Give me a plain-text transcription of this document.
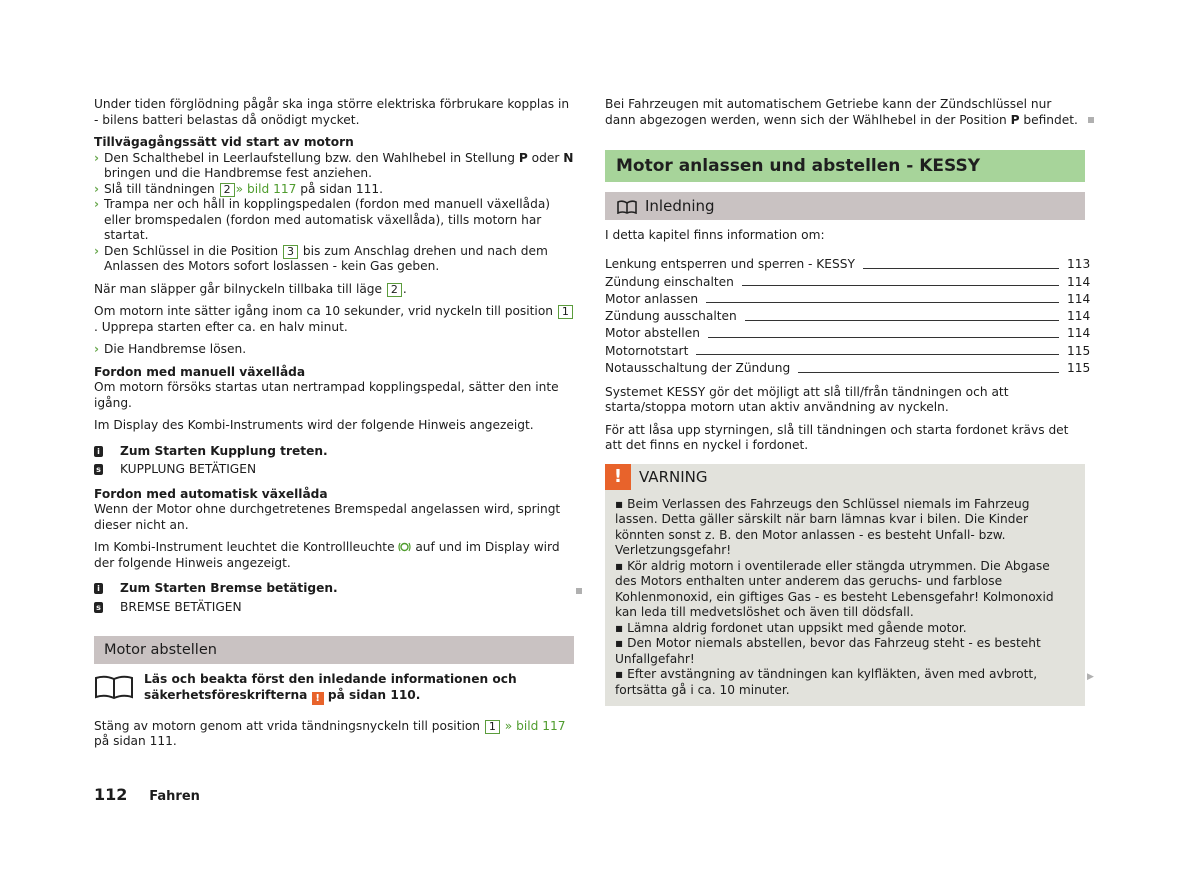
Under tiden förglödning pågår ska inga större elektriska förbrukare kopplas in - bilens batteri belastas då onödigt mycket.

Tillvägagångssätt vid start av motorn
› Den Schalthebel in Leerlaufstellung bzw. den Wahlhebel in Stellung P oder N bringen und die Handbremse fest anziehen.
› Slå till tändningen 2 » bild 117 på sidan 111.
› Trampa ner och håll in kopplingspedalen (fordon med manuell växellåda) eller bromspedalen (fordon med automatisk växellåda), tills motorn har startat.
› Den Schlüssel in die Position 3 bis zum Anschlag drehen und nach dem Anlassen des Motors sofort loslassen - kein Gas geben.

När man släpper går bilnyckeln tillbaka till läge 2 .

Om motorn inte sätter igång inom ca 10 sekunder, vrid nyckeln till position 1. Upprepa starten efter ca. en halv minut.

› Die Handbremse lösen.
Fordon med manuell växellåda

Om motorn försöks startas utan nertrampad kopplingspedal, sätter den inte igång.

Im Display des Kombi-Instruments wird der folgende Hinweis angezeigt.

i Zum Starten Kupplung treten.
s KUPPLUNG BETÄTIGEN
Fordon med automatisk växellåda

Wenn der Motor ohne durchgetretenes Bremspedal angelassen wird, springt dieser nicht an.

Im Kombi-Instrument leuchtet die Kontrollleuchte  auf und im Display wird der folgende Hinweis angezeigt.

i Zum Starten Bremse betätigen.
s BREMSE BETÄTIGEN
Motor abstellen
Läs och beakta först den inledande informationen och säkerhetsföreskrifterna ! på sidan 110.

Stäng av motorn genom att vrida tändningsnyckeln till position 1 » bild 117 på sidan 111.

Bei Fahrzeugen mit automatischem Getriebe kann der Zündschlüssel nur dann abgezogen werden, wenn sich der Wählhebel in der Position P befindet.

Motor anlassen und abstellen - KESSY
Inledning
I detta kapitel finns information om:
Lenkung entsperren und sperren - KESSY	113
Zündung einschalten	114
Motor anlassen	114
Zündung ausschalten	114
Motor abstellen	114
Motornotstart	115
Notausschaltung der Zündung	115

Systemet KESSY gör det möjligt att slå till/från tändningen och att starta/stoppa motorn utan aktiv användning av nyckeln.

För att låsa upp styrningen, slå till tändningen och starta fordonet krävs det att det finns en nyckel i fordonet.

!	VARNING

▪ Beim Verlassen des Fahrzeugs den Schlüssel niemals im Fahrzeug lassen. Detta gäller särskilt när barn lämnas kvar i bilen. Die Kinder könnten sonst z. B. den Motor anlassen - es besteht Unfall- bzw. Verletzungsgefahr!

▪ Kör aldrig motorn i oventilerade eller stängda utrymmen. Die Abgase des Motors enthalten unter anderem das geruchs- und farblose Kohlenmonoxid, ein giftiges Gas - es besteht Lebensgefahr! Kolmonoxid kan leda till medvetslöshet och även till dödsfall.

▪ Lämna aldrig fordonet utan uppsikt med gående motor.

▪ Den Motor niemals abstellen, bevor das Fahrzeug steht - es besteht Unfallgefahr!

▪ Efter avstängning av tändningen kan kylfläkten, även med avbrott, fortsätta gå i ca. 10 minuter.

▶
112 Fahren
